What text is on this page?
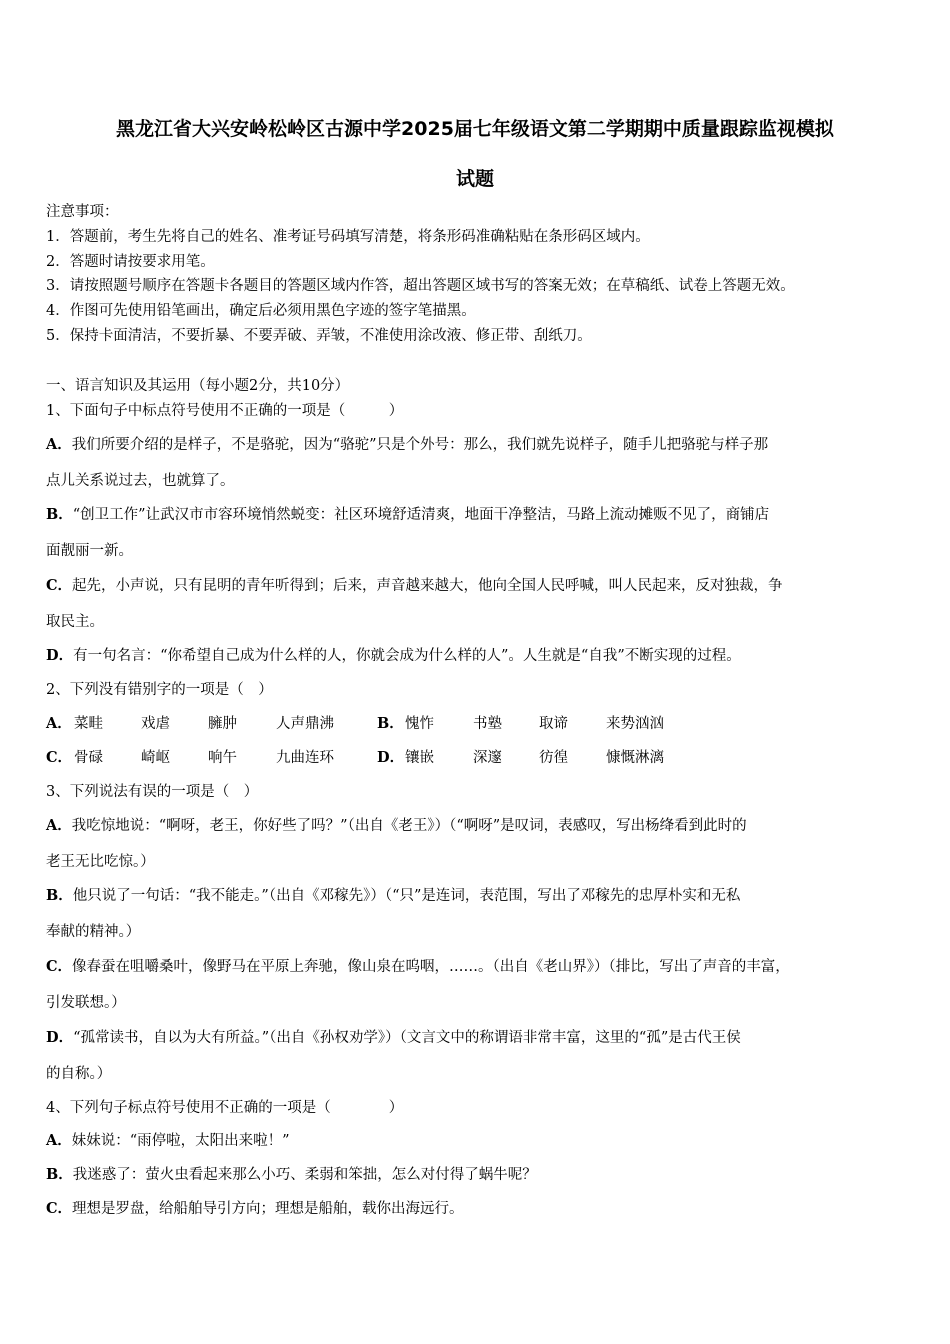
黑龙江省大兴安岭松岭区古源中学2025届七年级语文第二学期期中质量跟踪监视模拟
试题
注意事项：
1．答题前，考生先将自己的姓名、准考证号码填写清楚，将条形码准确粘贴在条形码区域内。
2．答题时请按要求用笔。
3．请按照题号顺序在答题卡各题目的答题区域内作答，超出答题区域书写的答案无效；在草稿纸、试卷上答题无效。
4．作图可先使用铅笔画出，确定后必须用黑色字迹的签字笔描黑。
5．保持卡面清洁，不要折暴、不要弄破、弄皱，不准使用涂改液、修正带、刮纸刀。
一、语言知识及其运用（每小题2分，共10分）
1、下面句子中标点符号使用不正确的一项是（　　　）
A．我们所要介绍的是样子，不是骆驼，因为“骆驼”只是个外号：那么，我们就先说样子，随手儿把骆驼与样子那
点儿关系说过去，也就算了。
B．“创卫工作”让武汉市市容环境悄然蜕变：社区环境舒适清爽，地面干净整洁，马路上流动摊贩不见了，商铺店
面靓丽一新。
C．起先，小声说，只有昆明的青年听得到；后来，声音越来越大，他向全国人民呼喊，叫人民起来，反对独裁，争
取民主。
D．有一句名言：“你希望自己成为什么样的人，你就会成为什么样的人”。人生就是“自我”不断实现的过程。
2、下列没有错别字的一项是（　）
A． 菜畦	戏虐	臃肿	人声鼎沸	B． 愧怍	书塾	取谛	来势汹汹
C． 骨碌	崎岖	响午	九曲连环	D． 镶嵌	深邃	彷徨	慷慨淋漓
3、下列说法有误的一项是（　）
A．我吃惊地说：“啊呀，老王，你好些了吗？”（出自《老王》）（“啊呀”是叹词，表感叹，写出杨绛看到此时的
老王无比吃惊。）
B．他只说了一句话：“我不能走。”（出自《邓稼先》）（“只”是连词，表范围，写出了邓稼先的忠厚朴实和无私
奉献的精神。）
C．像春蚕在咀嚼桑叶，像野马在平原上奔驰，像山泉在呜咽，……。（出自《老山界》）（排比，写出了声音的丰富，
引发联想。）
D．“孤常读书，自以为大有所益。”（出自《孙权劝学》）（文言文中的称谓语非常丰富，这里的“孤”是古代王侯
的自称。）
4、下列句子标点符号使用不正确的一项是（　　　　）
A．妹妹说：“雨停啦，太阳出来啦！”
B．我迷惑了：萤火虫看起来那么小巧、柔弱和笨拙，怎么对付得了蜗牛呢？
C．理想是罗盘，给船舶导引方向；理想是船舶，载你出海远行。
